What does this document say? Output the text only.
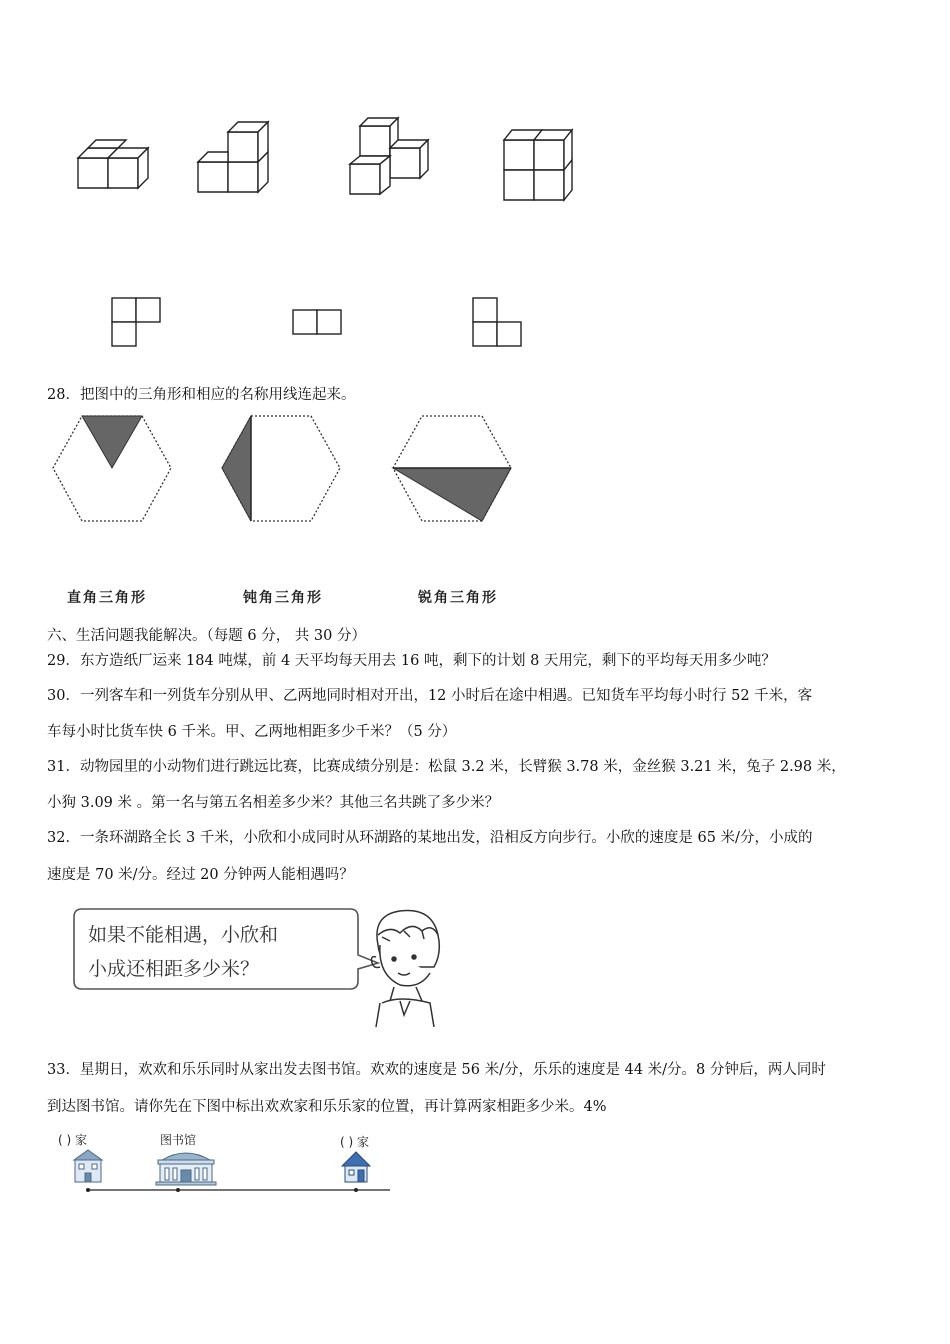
28．把图中的三角形和相应的名称用线连起来。
直角三角形	钝角三角形	锐角三角形
六、生活问题我能解决。（每题 6 分， 共 30 分）
29．东方造纸厂运来 184 吨煤，前 4 天平均每天用去 16 吨，剩下的计划 8 天用完，剩下的平均每天用多少吨？
30．一列客车和一列货车分别从甲、乙两地同时相对开出，12 小时后在途中相遇。已知货车平均每小时行 52 千米，客
车每小时比货车快 6 千米。甲、乙两地相距多少千米？（5 分）
31．动物园里的小动物们进行跳远比赛，比赛成绩分别是：松鼠 3.2 米，长臂猴 3.78 米，金丝猴 3.21 米，兔子 2.98 米，
小狗 3.09 米 。第一名与第五名相差多少米？其他三名共跳了多少米？
32．一条环湖路全长 3 千米，小欣和小成同时从环湖路的某地出发，沿相反方向步行。小欣的速度是 65 米/分，小成的
速度是 70 米/分。经过 20 分钟两人能相遇吗？
如果不能相遇，小欣和
小成还相距多少米？
33．星期日，欢欢和乐乐同时从家出发去图书馆。欢欢的速度是 56 米/分，乐乐的速度是 44 米/分。8 分钟后，两人同时
到达图书馆。请你先在下图中标出欢欢家和乐乐家的位置，再计算两家相距多少米。4%
( ) 家	图书馆	( ) 家
